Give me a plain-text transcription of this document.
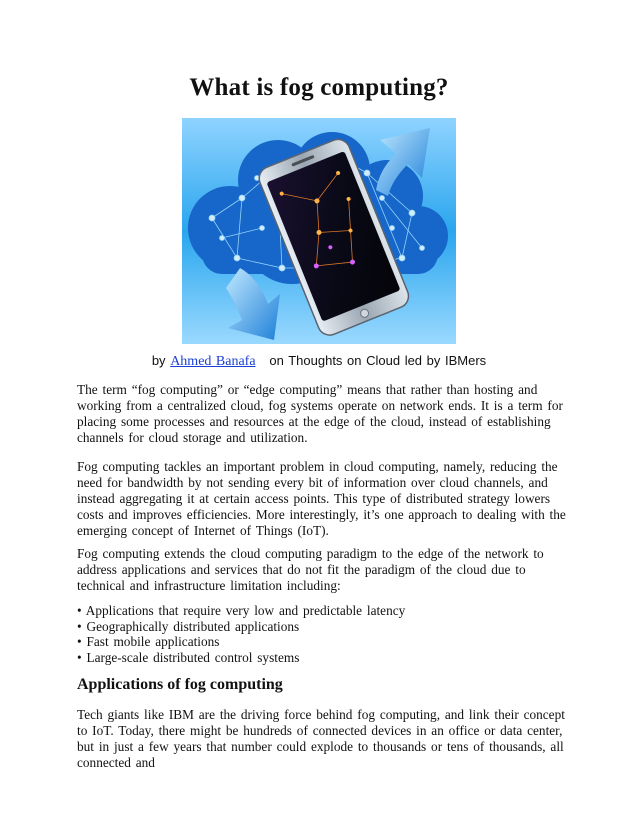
What is fog computing?
by Ahmed Banafa on Thoughts on Cloud led by IBMers

The term “fog computing” or “edge computing” means that rather than hosting and working from a centralized cloud, fog systems operate on network ends. It is a term for placing some processes and resources at the edge of the cloud, instead of establishing channels for cloud storage and utilization.

Fog computing tackles an important problem in cloud computing, namely, reducing the need for bandwidth by not sending every bit of information over cloud channels, and instead aggregating it at certain access points. This type of distributed strategy lowers costs and improves efficiencies. More interestingly, it’s one approach to dealing with the emerging concept of Internet of Things (IoT).

Fog computing extends the cloud computing paradigm to the edge of the network to address applications and services that do not fit the paradigm of the cloud due to technical and infrastructure limitation including:

• Applications that require very low and predictable latency
• Geographically distributed applications
• Fast mobile applications
• Large-scale distributed control systems
Applications of fog computing

Tech giants like IBM are the driving force behind fog computing, and link their concept to IoT. Today, there might be hundreds of connected devices in an office or data center, but in just a few years that number could explode to thousands or tens of thousands, all connected and
